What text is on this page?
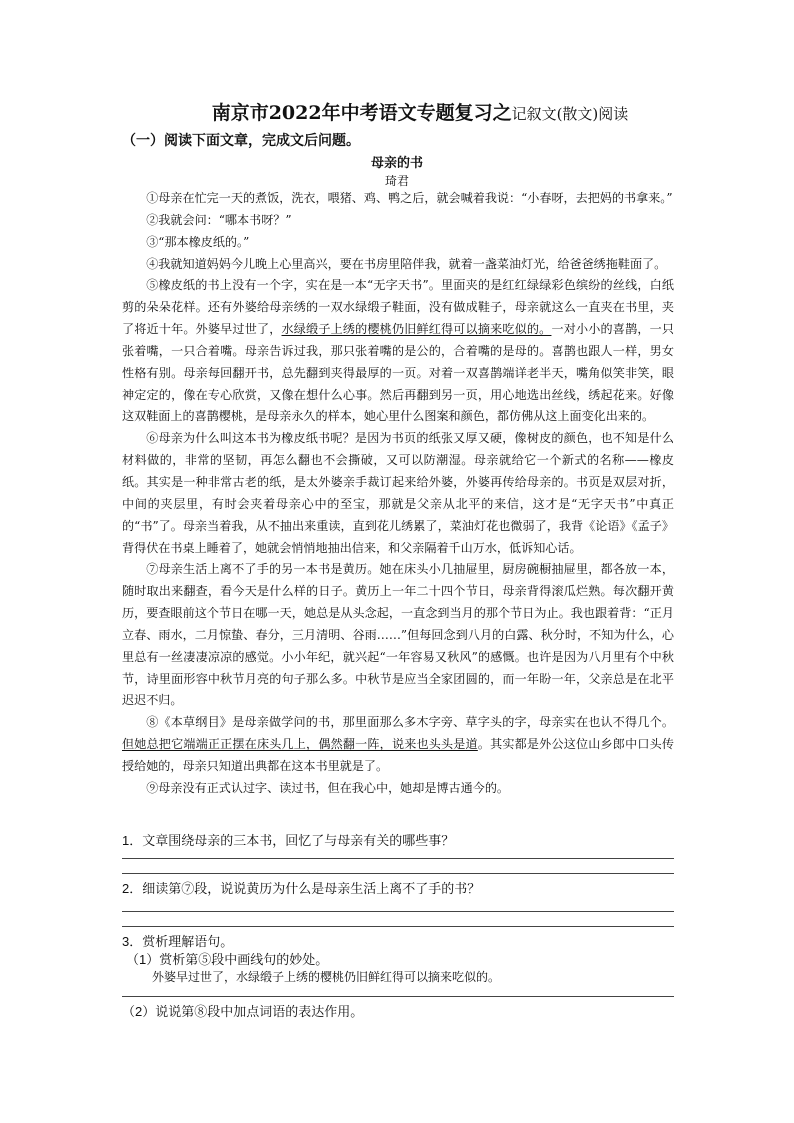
南京市2022年中考语文专题复习之记叙文(散文)阅读
（一）阅读下面文章，完成文后问题。
母亲的书
琦君

①母亲在忙完一天的煮饭，洗衣，喂猪、鸡、鸭之后，就会喊着我说：“小春呀，去把妈的书拿来。”

②我就会问：“哪本书呀？”

③“那本橡皮纸的。”

④我就知道妈妈今儿晚上心里高兴，要在书房里陪伴我，就着一盏菜油灯光，给爸爸绣拖鞋面了。

⑤橡皮纸的书上没有一个字，实在是一本“无字天书”。里面夹的是红红绿绿彩色缤纷的丝线，白纸剪的朵朵花样。还有外婆给母亲绣的一双水绿缎子鞋面，没有做成鞋子，母亲就这么一直夹在书里，夹了将近十年。外婆早过世了，水绿缎子上绣的樱桃仍旧鲜红得可以摘来吃似的。一对小小的喜鹊，一只张着嘴，一只合着嘴。母亲告诉过我，那只张着嘴的是公的，合着嘴的是母的。喜鹊也跟人一样，男女性格有别。母亲每回翻开书，总先翻到夹得最厚的一页。对着一双喜鹊端详老半天，嘴角似笑非笑，眼神定定的，像在专心欣赏，又像在想什么心事。然后再翻到另一页，用心地选出丝线，绣起花来。好像这双鞋面上的喜鹊樱桃，是母亲永久的样本，她心里什么图案和颜色，都仿佛从这上面变化出来的。

⑥母亲为什么叫这本书为橡皮纸书呢？是因为书页的纸张又厚又硬，像树皮的颜色，也不知是什么材料做的，非常的坚韧，再怎么翻也不会撕破，又可以防潮湿。母亲就给它一个新式的名称——橡皮纸。其实是一种非常古老的纸，是太外婆亲手裁订起来给外婆，外婆再传给母亲的。书页是双层对折，中间的夹层里，有时会夹着母亲心中的至宝，那就是父亲从北平的来信，这才是“无字天书”中真正的“书”了。母亲当着我，从不抽出来重读，直到花儿绣累了，菜油灯花也微弱了，我背《论语》《孟子》背得伏在书桌上睡着了，她就会悄悄地抽出信来，和父亲隔着千山万水，低诉知心话。

⑦母亲生活上离不了手的另一本书是黄历。她在床头小几抽屉里，厨房碗橱抽屉里，都各放一本，随时取出来翻查，看今天是什么样的日子。黄历上一年二十四个节日，母亲背得滚瓜烂熟。每次翻开黄历，要查眼前这个节日在哪一天，她总是从头念起，一直念到当月的那个节日为止。我也跟着背：“正月立春、雨水，二月惊蛰、春分，三月清明、谷雨……”但每回念到八月的白露、秋分时，不知为什么，心里总有一丝凄凄凉凉的感觉。小小年纪，就兴起“一年容易又秋风”的感慨。也许是因为八月里有个中秋节，诗里面形容中秋节月亮的句子那么多。中秋节是应当全家团圆的，而一年盼一年，父亲总是在北平迟迟不归。

⑧《本草纲目》是母亲做学问的书，那里面那么多木字旁、草字头的字，母亲实在也认不得几个。但她总把它端端正正摆在床头几上，偶然翻一阵，说来也头头是道。其实都是外公这位山乡郎中口头传授给她的，母亲只知道出典都在这本书里就是了。

⑨母亲没有正式认过字、读过书，但在我心中，她却是博古通今的。

1．文章围绕母亲的三本书，回忆了与母亲有关的哪些事？
2．细读第⑦段，说说黄历为什么是母亲生活上离不了手的书？
3．赏析理解语句。
（1）赏析第⑤段中画线句的妙处。
外婆早过世了，水绿缎子上绣的樱桃仍旧鲜红得可以摘来吃似的。
（2）说说第⑧段中加点词语的表达作用。
